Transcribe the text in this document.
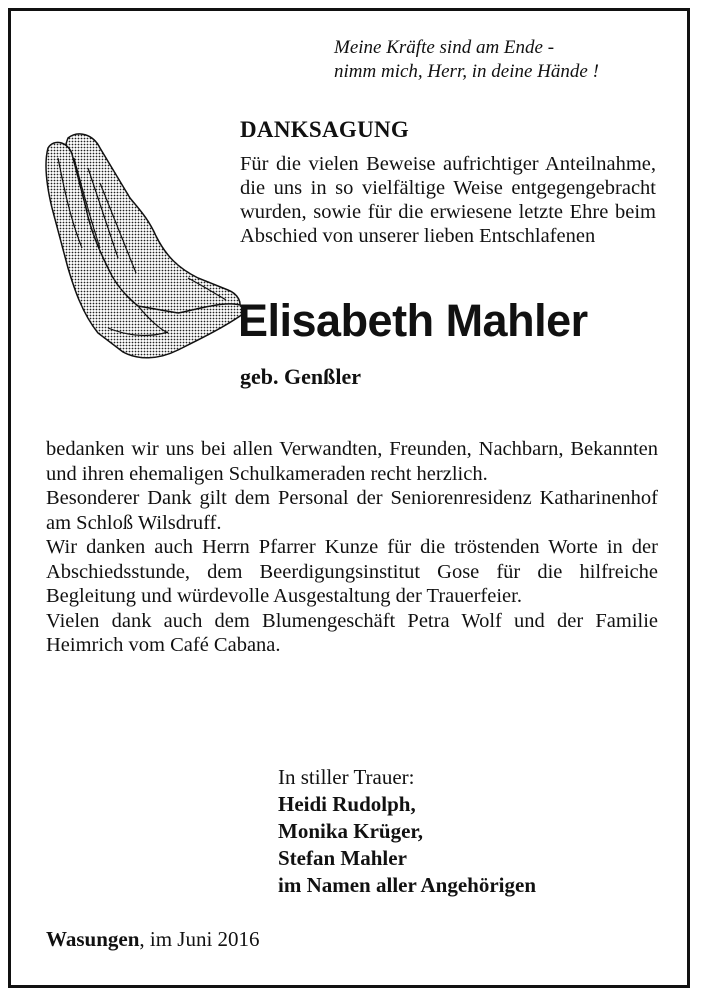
Meine Kräfte sind am Ende -
nimm mich, Herr, in deine Hände !
DANKSAGUNG
Für die vielen Beweise aufrichtiger Anteilnahme, die uns in so vielfältige Weise entgegengebracht wurden, sowie für die erwiesene letzte Ehre beim Abschied von unserer lieben Entschlafenen
Elisabeth Mahler
geb. Genßler

bedanken wir uns bei allen Verwandten, Freunden, Nachbarn, Bekannten und ihren ehemaligen Schulkameraden recht herzlich.

Besonderer Dank gilt dem Personal der Seniorenresidenz Katharinenhof am Schloß Wilsdruff.

Wir danken auch Herrn Pfarrer Kunze für die tröstenden Worte in der Abschiedsstunde, dem Beerdigungsinstitut Gose für die hilfreiche Begleitung und würdevolle Ausgestaltung der Trauerfeier.

Vielen dank auch dem Blumengeschäft Petra Wolf und der Familie Heimrich vom Café Cabana.

In stiller Trauer:
Heidi Rudolph,
Monika Krüger,
Stefan Mahler
im Namen aller Angehörigen
Wasungen, im Juni 2016
